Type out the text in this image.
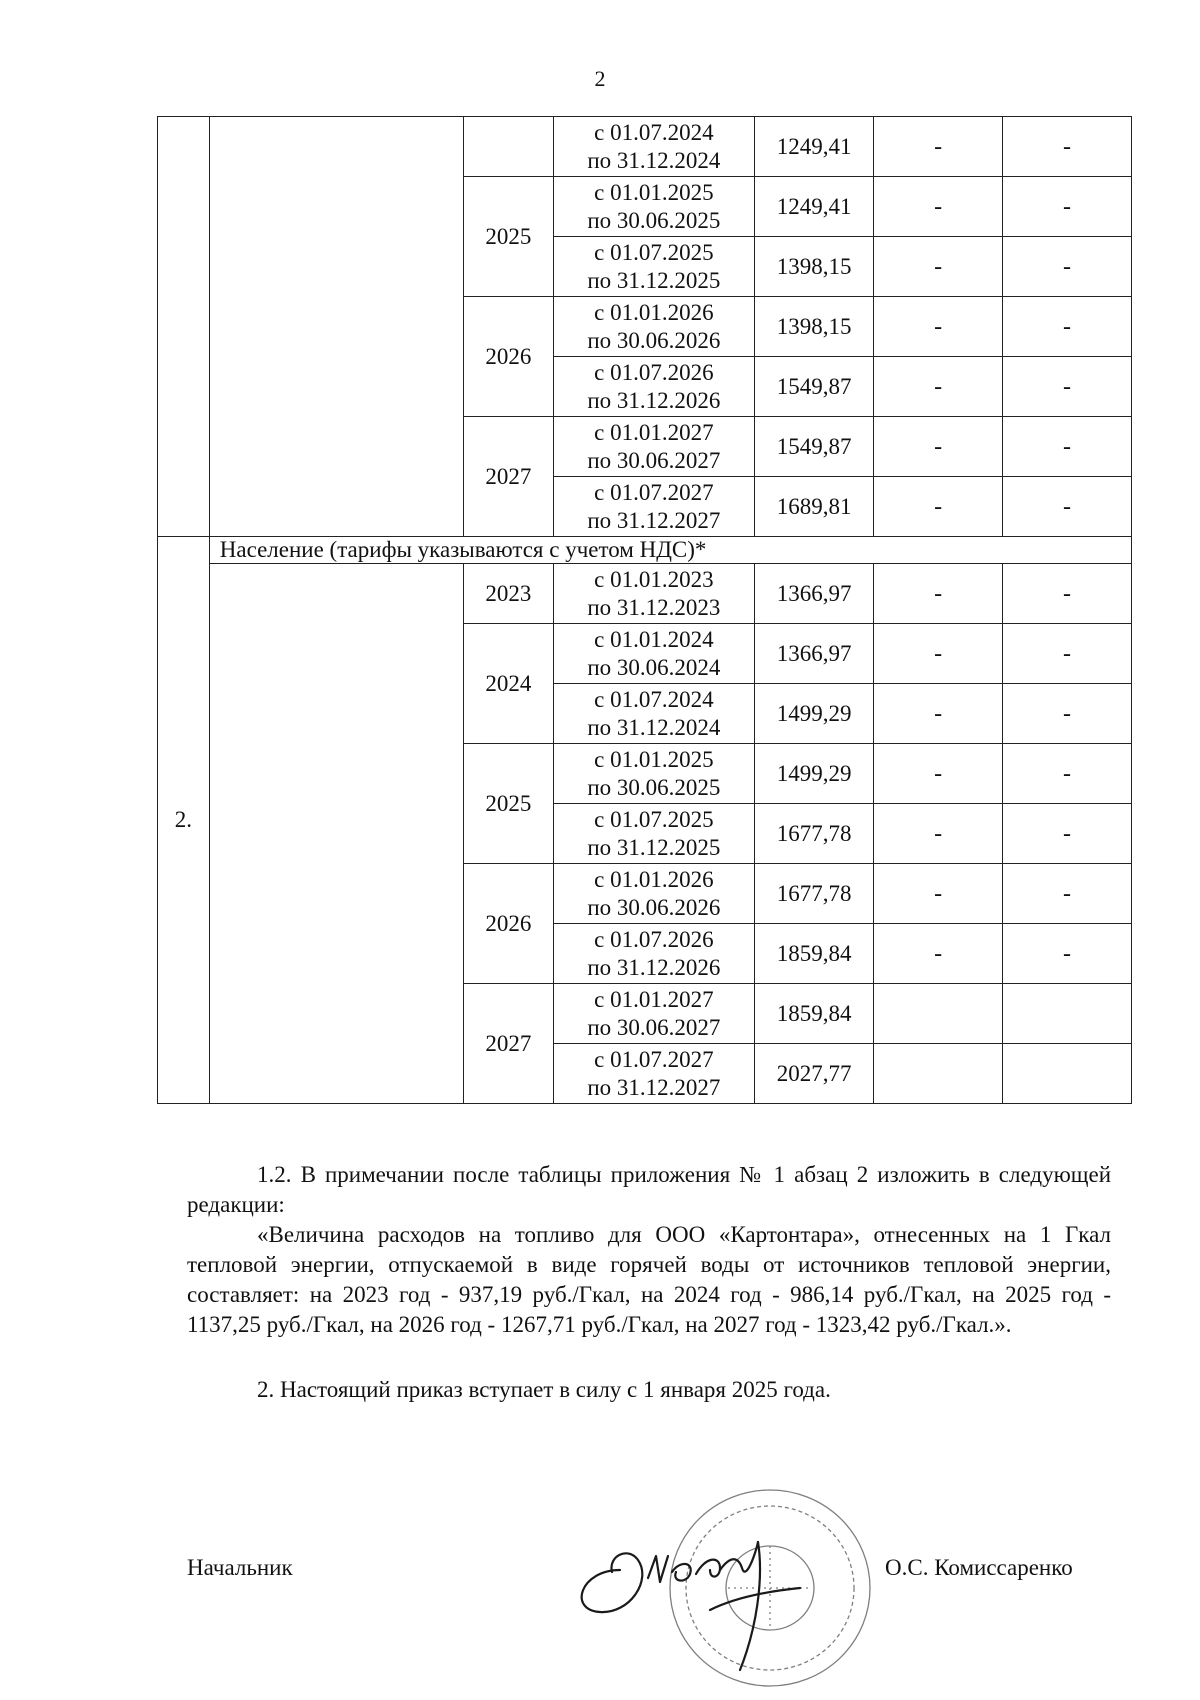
2

			с 01.07.2024
по 31.12.2024	1249,41	-	-
		2025	с 01.01.2025
по 30.06.2025	1249,41	-	-

			с 01.07.2025
по 31.12.2025	1398,15	-	-
		2026	с 01.01.2026
по 30.06.2026	1398,15	-	-

			с 01.07.2026
по 31.12.2026	1549,87	-	-
		2027	с 01.01.2027
по 30.06.2027	1549,87	-	-

			с 01.07.2027
по 31.12.2027	1689,81	-	-
2.	Население (тарифы указываются с учетом НДС)*					
		2023	с 01.01.2023
по 31.12.2023	1366,97	-	-
		2024	с 01.01.2024
по 30.06.2024	1366,97	-	-

			с 01.07.2024
по 31.12.2024	1499,29	-	-
		2025	с 01.01.2025
по 30.06.2025	1499,29	-	-

			с 01.07.2025
по 31.12.2025	1677,78	-	-
		2026	с 01.01.2026
по 30.06.2026	1677,78	-	-

			с 01.07.2026
по 31.12.2026	1859,84	-	-
		2027	с 01.01.2027
по 30.06.2027	1859,84		

			с 01.07.2027
по 31.12.2027	2027,77		
1.2. В примечании после таблицы приложения № 1 абзац 2 изложить в следующей редакции:
«Величина расходов на топливо для ООО «Картонтара», отнесенных на 1 Гкал тепловой энергии, отпускаемой в виде горячей воды от источников тепловой энергии, составляет: на 2023 год - 937,19 руб./Гкал, на 2024 год - 986,14 руб./Гкал, на 2025 год - 1137,25 руб./Гкал, на 2026 год - 1267,71 руб./Гкал, на 2027 год - 1323,42 руб./Гкал.».
2. Настоящий приказ вступает в силу с 1 января 2025 года.
Начальник	О.С. Комиссаренко
